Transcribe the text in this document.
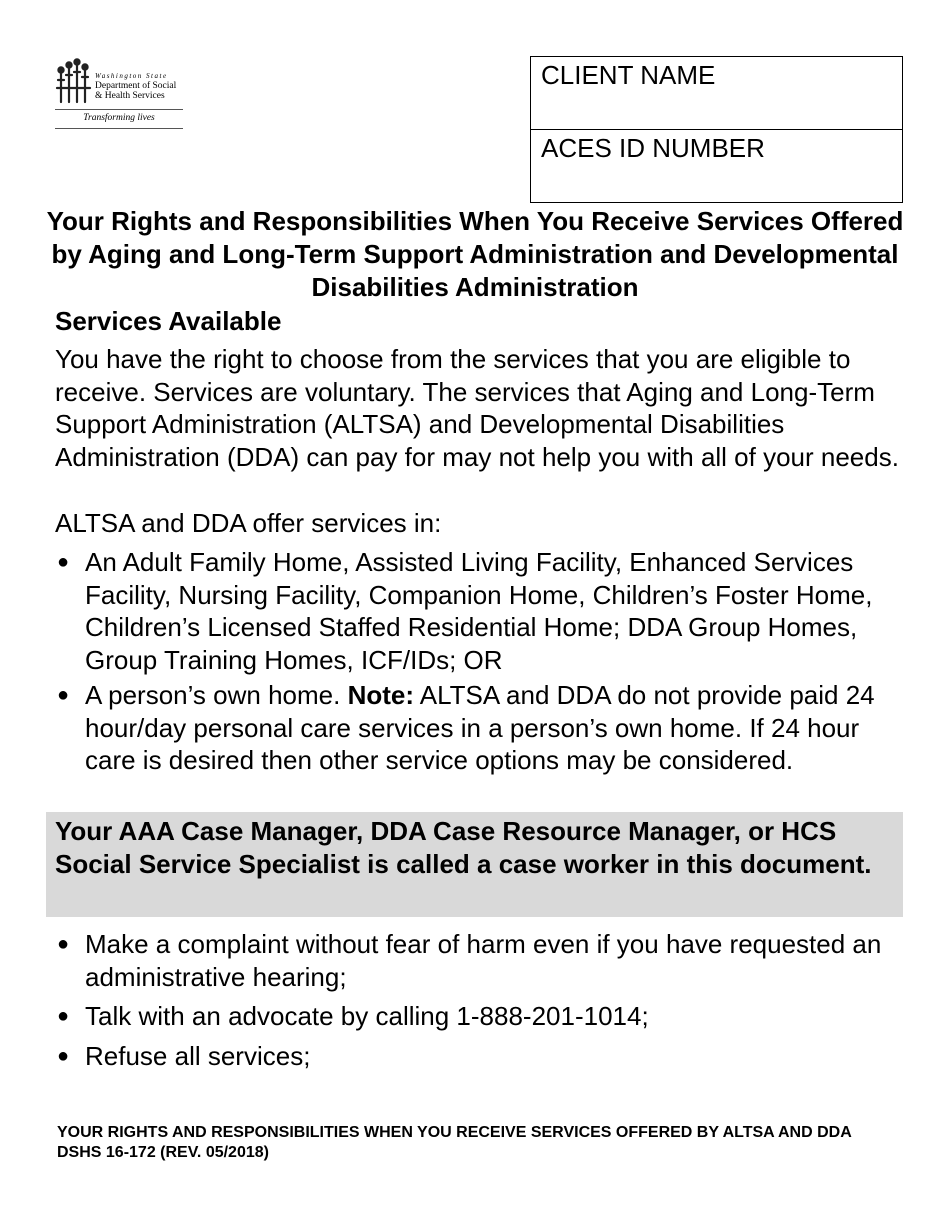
Washington State
Department of Social
& Health Services
Transforming lives
CLIENT NAME
ACES ID NUMBER
Your Rights and Responsibilities When You Receive Services Offered by Aging and Long-Term Support Administration and Developmental Disabilities Administration
Services Available
You have the right to choose from the services that you are eligible to receive. Services are voluntary. The services that Aging and Long-Term Support Administration (ALTSA) and Developmental Disabilities Administration (DDA) can pay for may not help you with all of your needs.
ALTSA and DDA offer services in:
● An Adult Family Home, Assisted Living Facility, Enhanced Services Facility, Nursing Facility, Companion Home, Children’s Foster Home, Children’s Licensed Staffed Residential Home; DDA Group Homes, Group Training Homes, ICF/IDs; OR
● A person’s own home. Note: ALTSA and DDA do not provide paid 24 hour/day personal care services in a person’s own home. If 24 hour care is desired then other service options may be considered.
Your AAA Case Manager, DDA Case Resource Manager, or HCS Social Service Specialist is called a case worker in this document.
● Make a complaint without fear of harm even if you have requested an administrative hearing;
● Talk with an advocate by calling 1-888-201-1014;
● Refuse all services;
YOUR RIGHTS AND RESPONSIBILITIES WHEN YOU RECEIVE SERVICES OFFERED BY ALTSA AND DDA
DSHS 16-172 (REV. 05/2018)
